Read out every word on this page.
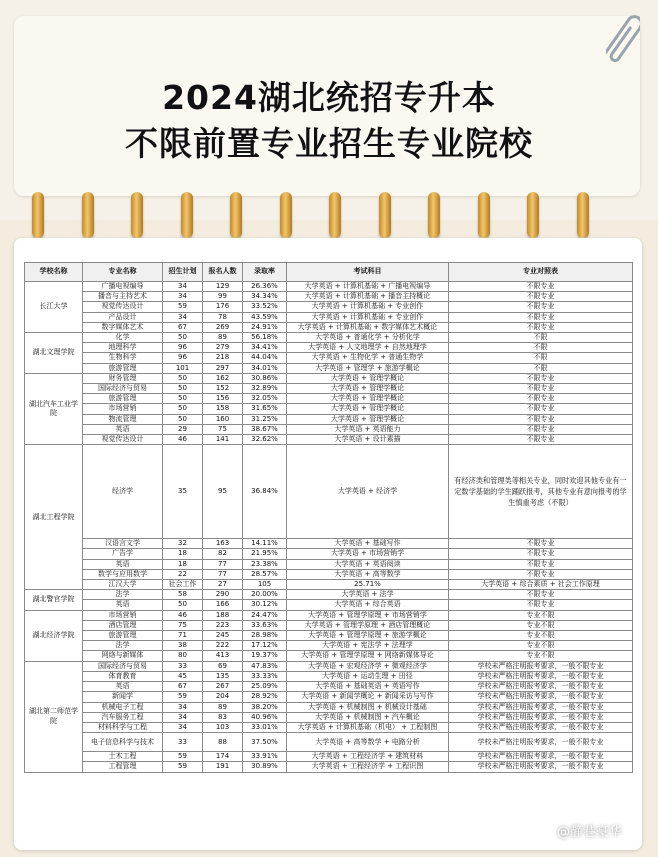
2024湖北统招专升本
不限前置专业招生专业院校
学校名称	专业名称	招生计划	报名人数	录取率	考试科目	专业对照表	
长江大学	广播电视编导	34	129	26.36%	大学英语 + 计算机基础 + 广播电视编导	不限专业	
	播音与主持艺术	34	99	34.34%	大学英语 + 计算机基础 + 播音主持概论	不限专业	
	视觉传达设计	59	176	33.52%	大学英语 + 计算机基础 + 专业创作	不限专业	
	产品设计	34	78	43.59%	大学英语 + 计算机基础 + 专业创作	不限专业	
	数字媒体艺术	67	269	24.91%	大学英语 + 计算机基础 + 数字媒体艺术概论	不限专业	
湖北文理学院	化学	50	89	56.18%	大学英语 + 普通化学 + 分析化学	不限	
	地理科学	96	279	34.41%	大学英语 + 人文地理学 + 自然地理学	不限	
	生物科学	96	218	44.04%	大学英语 + 生物化学 + 普通生物学	不限	
	旅游管理	101	297	34.01%	大学英语 + 管理学 + 旅游学概论	不限	
湖北汽车工业学院	财务管理	50	162	30.86%	大学英语 + 管理学概论	不限专业	
	国际经济与贸易	50	152	32.89%	大学英语 + 管理学概论	不限专业	
	旅游管理	50	156	32.05%	大学英语 + 管理学概论	不限专业	
	市场营销	50	158	31.65%	大学英语 + 管理学概论	不限专业	
	物流管理	50	160	31.25%	大学英语 + 管理学概论	不限专业	
	英语	29	75	38.67%	大学英语 + 英语能力	不限专业	
	视觉传达设计	46	141	32.62%	大学英语 + 设计素描	不限专业	
湖北工程学院	经济学	35	95	36.84%	大学英语 + 经济学	有经济类和管理类等相关专业，同时欢迎其他专业有一定数学基础的学生踊跃报考，其他专业有意向报考的学生慎重考虑（不限）	
	汉语言文学	32	163	14.11%	大学英语 + 基础写作	不限专业	
	广告学	18	82	21.95%	大学英语 + 市场营销学	不限专业	
	英语	18	77	23.38%	大学英语 + 英语阅读	不限专业	
	数学与应用数学	22	77	28.57%	大学英语 + 高等数学	不限专业	
	江汉大学	社会工作	27	105	25.71%	大学英语 + 综合素质 + 社会工作原理	
湖北警官学院	法学	58	290	20.00%	大学英语 + 法学	不限专业	
	英语	50	166	30.12%	大学英语 + 综合英语	不限专业	
湖北经济学院	市场营销	46	188	24.47%	大学英语 + 管理学原理 + 市场营销学	专业不限	
	酒店管理	75	223	33.63%	大学英语 + 管理学原理 + 酒店管理概论	专业不限	
	旅游管理	71	245	28.98%	大学英语 + 管理学原理 + 旅游学概论	专业不限	
	法学	38	222	17.12%	大学英语 + 宪法学 + 法理学	专业不限	
	网络与新媒体	80	413	19.37%	大学英语 + 管理学原理 + 网络新媒体导论	专业不限	
湖北第二师范学院	国际经济与贸易	33	69	47.83%	大学英语 + 宏观经济学 + 微观经济学	学校未严格注明报考要求，一般不限专业	
	体育教育	45	135	33.33%	大学英语 + 运动生理 + 田径	学校未严格注明报考要求，一般不限专业	
	英语	67	267	25.09%	大学英语 + 基础英语 + 英语写作	学校未严格注明报考要求，一般不限专业	
	新闻学	59	204	28.92%	大学英语 + 新闻学概论 + 新闻采访与写作	学校未严格注明报考要求，一般不限专业	
	机械电子工程	34	89	38.20%	大学英语 + 机械制图 + 机械设计基础	学校未严格注明报考要求，一般不限专业	
	汽车服务工程	34	83	40.96%	大学英语 + 机械制图 + 汽车概论	学校未严格注明报考要求，一般不限专业	
	材料科学与工程	34	103	33.01%	大学英语 + 计算机基础（机电） + 工程制图	学校未严格注明报考要求，一般不限专业	
	电子信息科学与技术	33	88	37.50%	大学英语 + 高等数学 + 电路分析	学校未严格注明报考要求，一般不限专业	
	土木工程	59	174	33.91%	大学英语 + 工程经济学 + 建筑材料	学校未严格注明报考要求，一般不限专业	
	工程管理	59	191	30.89%	大学英语 + 工程经济学 + 工程识图	学校未严格注明报考要求，一般不限专业	
@静巷豪华
